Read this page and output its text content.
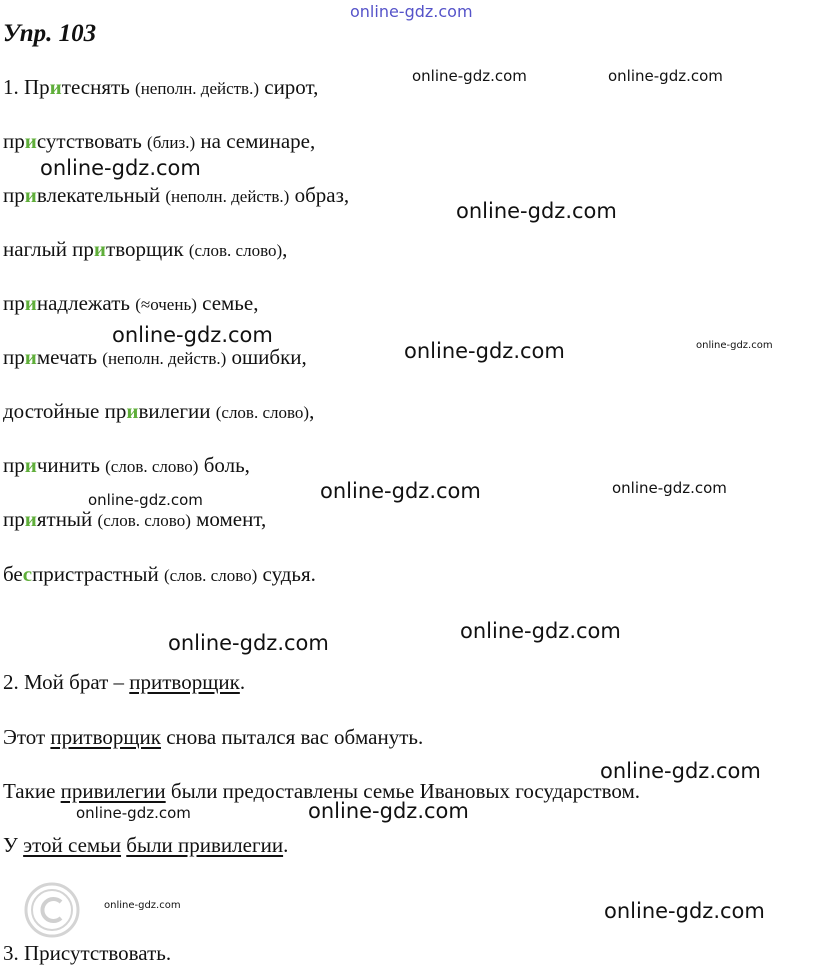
online-gdz.com
Упр. 103
1. Притеснять (неполн. действ.) сирот,
присутствовать (близ.) на семинаре,
привлекательный (неполн. действ.) образ,
наглый притворщик (слов. слово),
принадлежать (≈очень) семье,
примечать (неполн. действ.) ошибки,
достойные привилегии (слов. слово),
причинить (слов. слово) боль,
приятный (слов. слово) момент,
беспристрастный (слов. слово) судья.
2. Мой брат – притворщик.
Этот притворщик снова пытался вас обмануть.
Такие привилегии были предоставлены семье Ивановых государством.
У этой семьи были привилегии.
3. Присутствовать.
online-gdz.com	online-gdz.com
online-gdz.com
online-gdz.com
online-gdz.com
online-gdz.com	online-gdz.com
online-gdz.com	online-gdz.com	online-gdz.com
online-gdz.com	online-gdz.com
online-gdz.com
online-gdz.com	online-gdz.com
online-gdz.com	online-gdz.com
